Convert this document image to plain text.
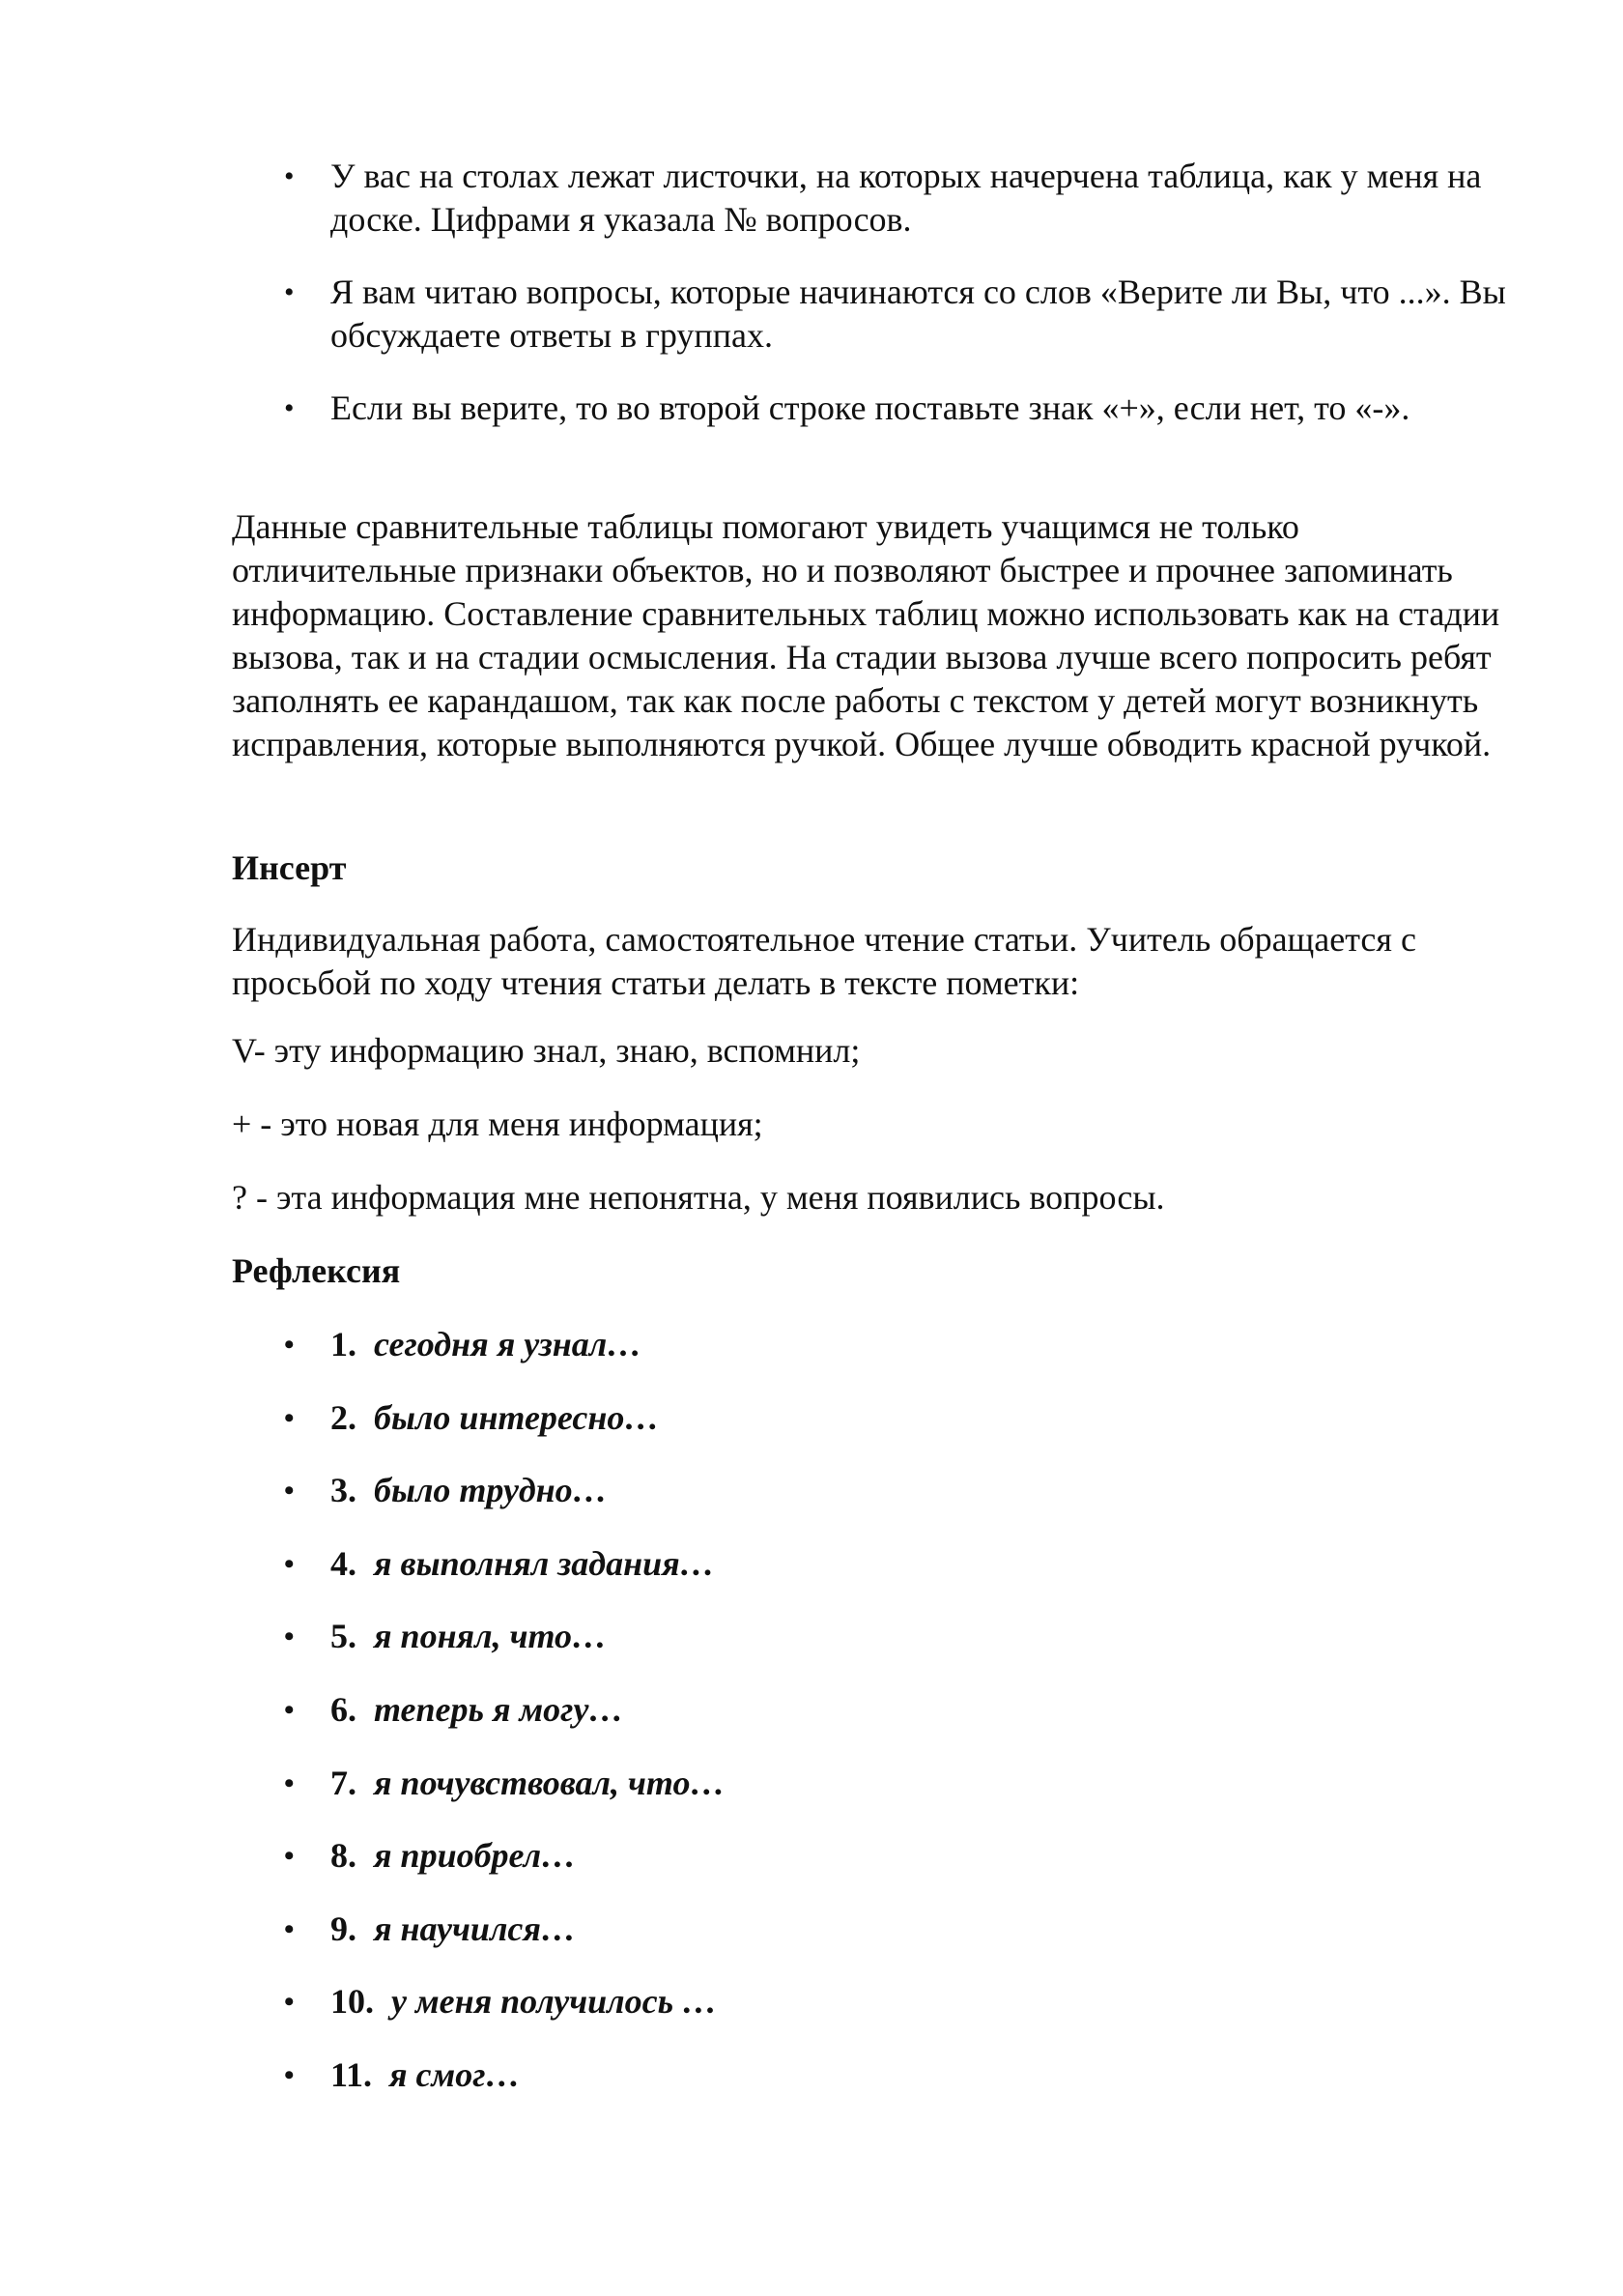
• У вас на столах лежат листочки, на которых начерчена таблица, как у меня на доске. Цифрами я указала № вопросов.
• Я вам читаю вопросы, которые начинаются со слов «Верите ли Вы, что ...». Вы обсуждаете ответы в группах.
• Если вы верите, то во второй строке поставьте знак «+», если нет, то «-».

Данные сравнительные таблицы помогают увидеть учащимся не только отличительные признаки объектов, но и позволяют быстрее и прочнее запоминать информацию. Составление сравнительных таблиц можно использовать как на стадии вызова, так и на стадии осмысления. На стадии вызова лучше всего попросить ребят заполнять ее карандашом, так как после работы с текстом у детей могут возникнуть исправления, которые выполняются ручкой. Общее лучше обводить красной ручкой.

Инсерт

Индивидуальная работа, самостоятельное чтение статьи. Учитель обращается с просьбой по ходу чтения статьи делать в тексте пометки:

V- эту информацию знал, знаю, вспомнил;

+ - это новая для меня информация;

? - эта информация мне непонятна, у меня появились вопросы.

Рефлексия

• 1. сегодня я узнал…
• 2. было интересно…
• 3. было трудно…
• 4. я выполнял задания…
• 5. я понял, что…
• 6. теперь я могу…
• 7. я почувствовал, что…
• 8. я приобрел…
• 9. я научился…
• 10. у меня получилось …
• 11. я смог…
